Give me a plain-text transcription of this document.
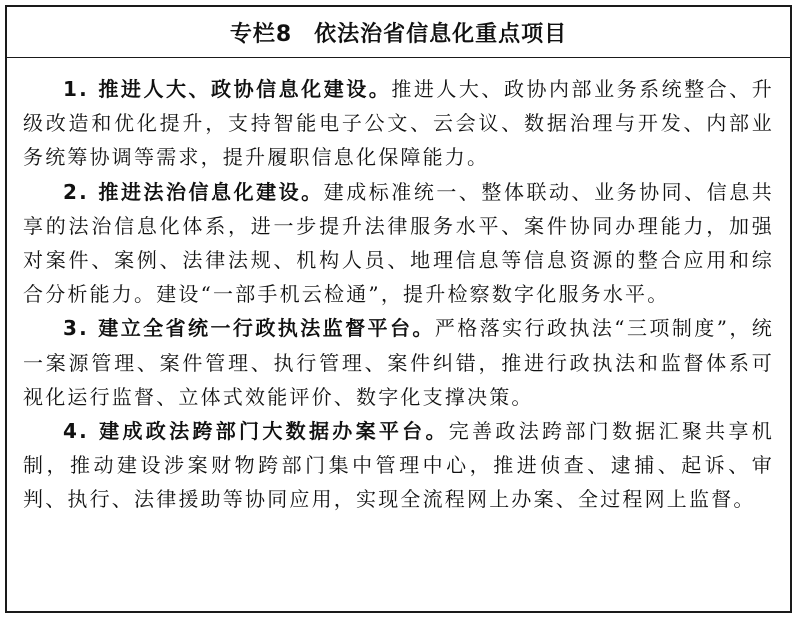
专栏8 依法治省信息化重点项目

1. 推进人大、政协信息化建设。推进人大、政协内部业务系统整合、升级改造和优化提升，支持智能电子公文、云会议、数据治理与开发、内部业务统筹协调等需求，提升履职信息化保障能力。

2. 推进法治信息化建设。建成标准统一、整体联动、业务协同、信息共享的法治信息化体系，进一步提升法律服务水平、案件协同办理能力，加强对案件、案例、法律法规、机构人员、地理信息等信息资源的整合应用和综合分析能力。建设“一部手机云检通”，提升检察数字化服务水平。

3. 建立全省统一行政执法监督平台。严格落实行政执法“三项制度”，统一案源管理、案件管理、执行管理、案件纠错，推进行政执法和监督体系可视化运行监督、立体式效能评价、数字化支撑决策。

4. 建成政法跨部门大数据办案平台。完善政法跨部门数据汇聚共享机制，推动建设涉案财物跨部门集中管理中心，推进侦查、逮捕、起诉、审判、执行、法律援助等协同应用，实现全流程网上办案、全过程网上监督。
